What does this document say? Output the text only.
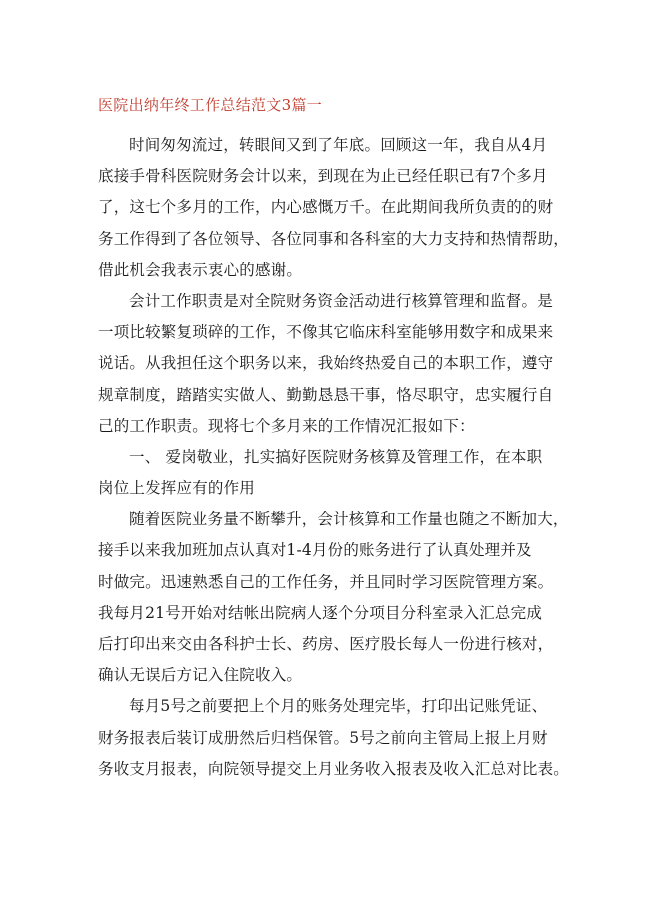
医院出纳年终工作总结范文3篇一
时间匆匆流过，转眼间又到了年底。回顾这一年，我自从4月
底接手骨科医院财务会计以来，到现在为止已经任职已有7个多月
了，这七个多月的工作，内心感慨万千。在此期间我所负责的的财
务工作得到了各位领导、各位同事和各科室的大力支持和热情帮助，
借此机会我表示衷心的感谢。
会计工作职责是对全院财务资金活动进行核算管理和监督。是
一项比较繁复琐碎的工作，不像其它临床科室能够用数字和成果来
说话。从我担任这个职务以来，我始终热爱自己的本职工作，遵守
规章制度，踏踏实实做人、勤勤恳恳干事，恪尽职守，忠实履行自
己的工作职责。现将七个多月来的工作情况汇报如下：
一、 爱岗敬业，扎实搞好医院财务核算及管理工作，在本职
岗位上发挥应有的作用
随着医院业务量不断攀升，会计核算和工作量也随之不断加大，
接手以来我加班加点认真对1-4月份的账务进行了认真处理并及
时做完。迅速熟悉自己的工作任务，并且同时学习医院管理方案。
我每月21号开始对结帐出院病人逐个分项目分科室录入汇总完成
后打印出来交由各科护士长、药房、医疗股长每人一份进行核对，
确认无误后方记入住院收入。
每月5号之前要把上个月的账务处理完毕，打印出记账凭证、
财务报表后装订成册然后归档保管。5号之前向主管局上报上月财
务收支月报表，向院领导提交上月业务收入报表及收入汇总对比表。
